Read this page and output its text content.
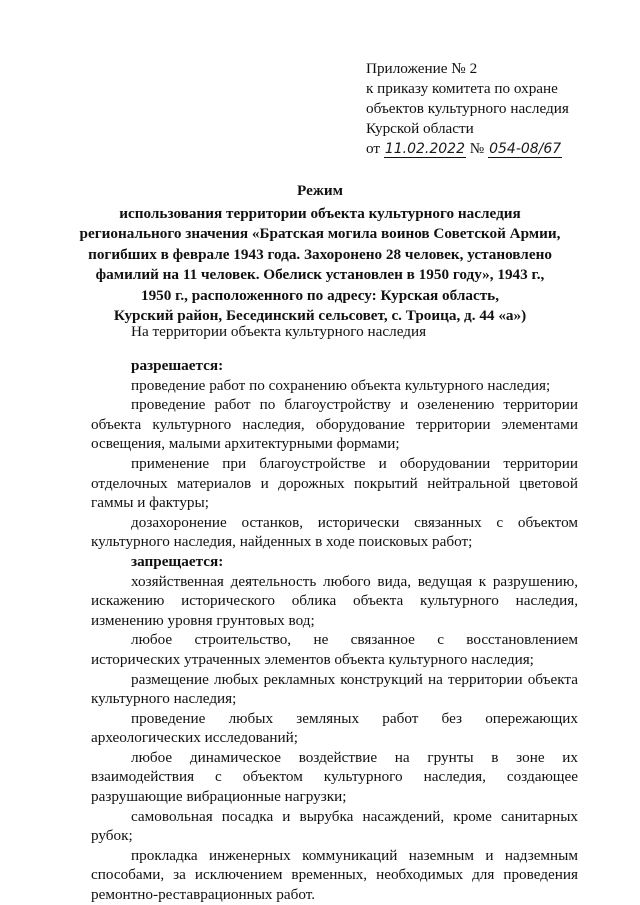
Приложение № 2
к приказу комитета по охране
объектов культурного наследия
Курской области
от 11.02.2022 № 054-08/67
Режим
использования территории объекта культурного наследия
регионального значения «Братская могила воинов Советской Армии,
погибших в феврале 1943 года. Захоронено 28 человек, установлено
фамилий на 11 человек. Обелиск установлен в 1950 году», 1943 г.,
1950 г., расположенного по адресу: Курская область,
Курский район, Бесединский сельсовет, с. Троица, д. 44 «а»)
На территории объекта культурного наследия
разрешается:
проведение работ по сохранению объекта культурного наследия;
проведение работ по благоустройству и озеленению территории объекта культурного наследия, оборудование территории элементами освещения, малыми архитектурными формами;
применение при благоустройстве и оборудовании территории отделочных материалов и дорожных покрытий нейтральной цветовой гаммы и фактуры;
дозахоронение останков, исторически связанных с объектом культурного наследия, найденных в ходе поисковых работ;
запрещается:
хозяйственная деятельность любого вида, ведущая к разрушению, искажению исторического облика объекта культурного наследия, изменению уровня грунтовых вод;
любое строительство, не связанное с восстановлением исторических утраченных элементов объекта культурного наследия;
размещение любых рекламных конструкций на территории объекта культурного наследия;
проведение любых земляных работ без опережающих археологических исследований;
любое динамическое воздействие на грунты в зоне их взаимодействия с объектом культурного наследия, создающее разрушающие вибрационные нагрузки;
самовольная посадка и вырубка насаждений, кроме санитарных рубок;
прокладка инженерных коммуникаций наземным и надземным способами, за исключением временных, необходимых для проведения ремонтно-реставрационных работ.
